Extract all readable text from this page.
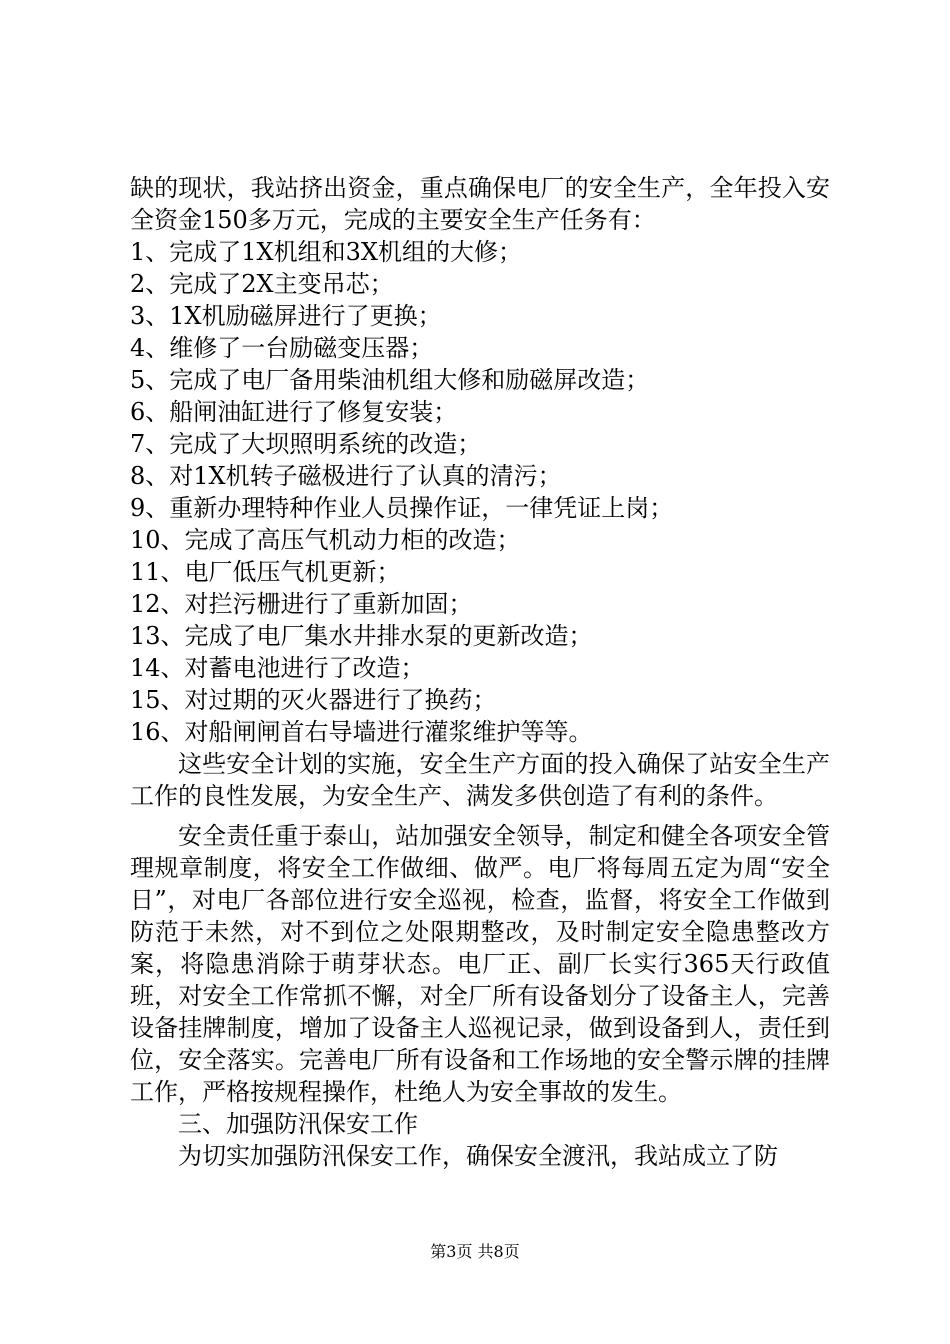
缺的现状，我站挤出资金，重点确保电厂的安全生产，全年投入安全资金150多万元，完成的主要安全生产任务有：

1、完成了1X机组和3X机组的大修；

2、完成了2X主变吊芯；

3、1X机励磁屏进行了更换；

4、维修了一台励磁变压器；

5、完成了电厂备用柴油机组大修和励磁屏改造；

6、船闸油缸进行了修复安装；

7、完成了大坝照明系统的改造；

8、对1X机转子磁极进行了认真的清污；

9、重新办理特种作业人员操作证，一律凭证上岗；

10、完成了高压气机动力柜的改造；

11、电厂低压气机更新；

12、对拦污栅进行了重新加固；

13、完成了电厂集水井排水泵的更新改造；

14、对蓄电池进行了改造；

15、对过期的灭火器进行了换药；

16、对船闸闸首右导墙进行灌浆维护等等。

这些安全计划的实施，安全生产方面的投入确保了站安全生产工作的良性发展，为安全生产、满发多供创造了有利的条件。

安全责任重于泰山，站加强安全领导，制定和健全各项安全管理规章制度，将安全工作做细、做严。电厂将每周五定为周“安全日”，对电厂各部位进行安全巡视，检查，监督，将安全工作做到防范于未然，对不到位之处限期整改，及时制定安全隐患整改方案，将隐患消除于萌芽状态。电厂正、副厂长实行365天行政值班，对安全工作常抓不懈，对全厂所有设备划分了设备主人，完善设备挂牌制度，增加了设备主人巡视记录，做到设备到人，责任到位，安全落实。完善电厂所有设备和工作场地的安全警示牌的挂牌工作，严格按规程操作，杜绝人为安全事故的发生。

三、加强防汛保安工作

为切实加强防汛保安工作，确保安全渡汛，我站成立了防

第3页 共8页
